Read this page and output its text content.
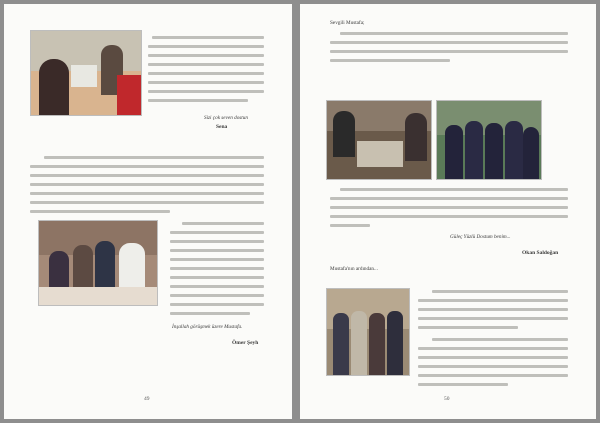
Sizi çok seven dostun
Sena
İnşallah görüşmek üzere Mustafa.
Ömer Şeyh
49
Sevgili Mustafa;
Güleç Yüzlü Dostum benim...
Okan Saldoğan
Mustafa'nın ardından...
50
